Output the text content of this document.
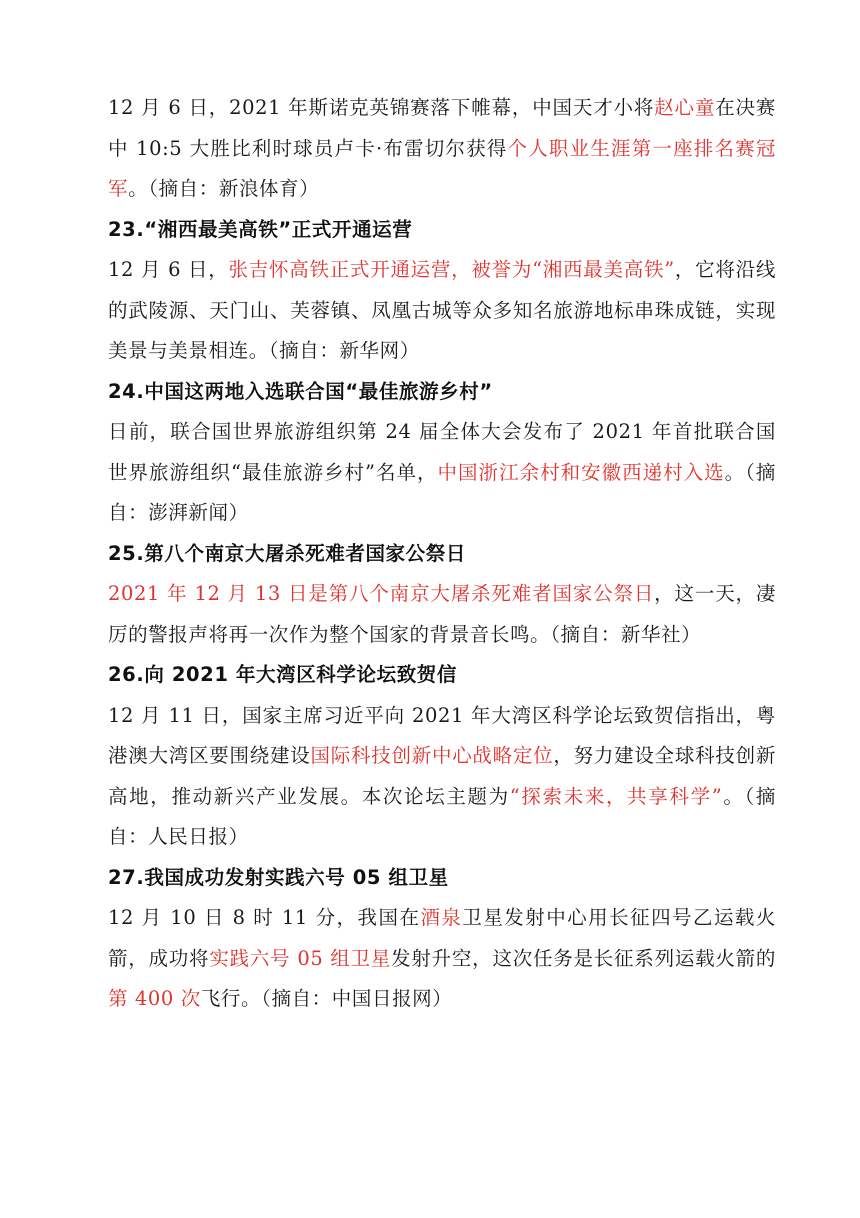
12 月 6 日，2021 年斯诺克英锦赛落下帷幕，中国天才小将赵心童在决赛中 10:5 大胜比利时球员卢卡·布雷切尔获得个人职业生涯第一座排名赛冠军。（摘自：新浪体育）

23.“湘西最美高铁”正式开通运营

12 月 6 日，张吉怀高铁正式开通运营，被誉为“湘西最美高铁”，它将沿线的武陵源、天门山、芙蓉镇、凤凰古城等众多知名旅游地标串珠成链，实现美景与美景相连。（摘自：新华网）

24.中国这两地入选联合国“最佳旅游乡村”

日前，联合国世界旅游组织第 24 届全体大会发布了 2021 年首批联合国世界旅游组织“最佳旅游乡村”名单，中国浙江余村和安徽西递村入选。（摘自：澎湃新闻）

25.第八个南京大屠杀死难者国家公祭日

2021 年 12 月 13 日是第八个南京大屠杀死难者国家公祭日，这一天，凄厉的警报声将再一次作为整个国家的背景音长鸣。（摘自：新华社）

26.向 2021 年大湾区科学论坛致贺信

12 月 11 日，国家主席习近平向 2021 年大湾区科学论坛致贺信指出，粤港澳大湾区要围绕建设国际科技创新中心战略定位，努力建设全球科技创新高地，推动新兴产业发展。本次论坛主题为“探索未来，共享科学”。（摘自：人民日报）

27.我国成功发射实践六号 05 组卫星

12 月 10 日 8 时 11 分，我国在酒泉卫星发射中心用长征四号乙运载火箭，成功将实践六号 05 组卫星发射升空，这次任务是长征系列运载火箭的第 400 次飞行。（摘自：中国日报网）
